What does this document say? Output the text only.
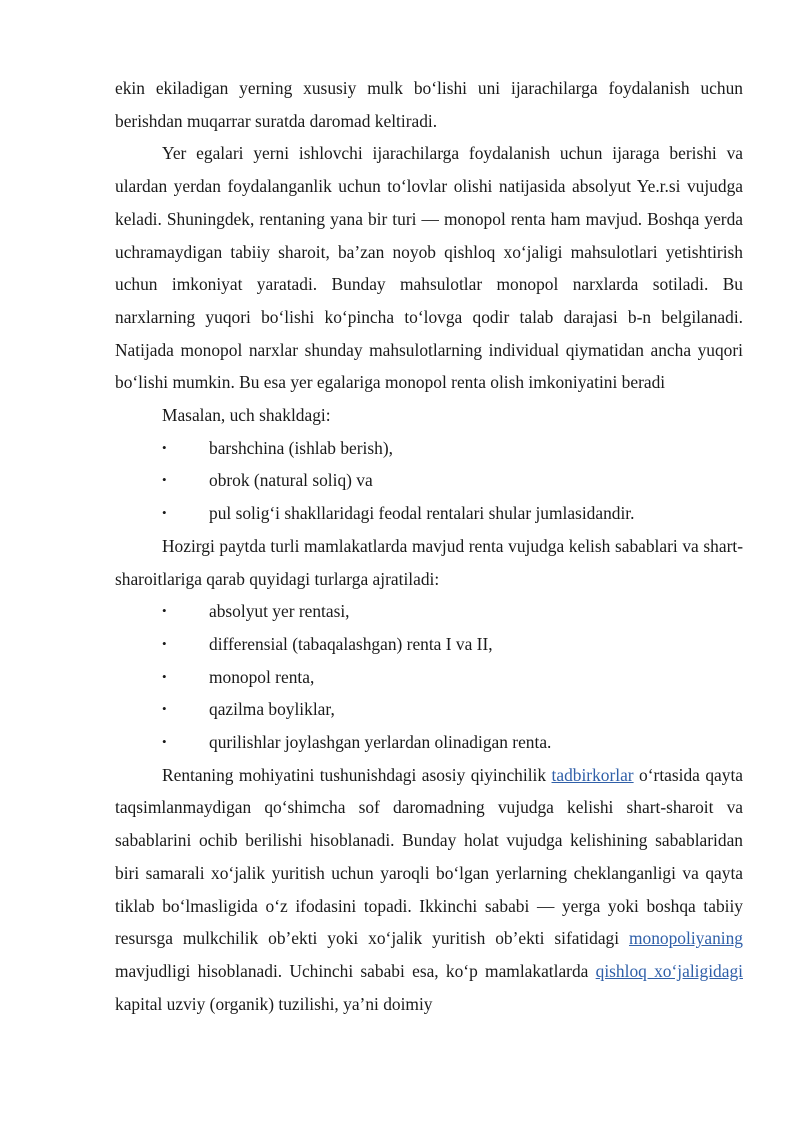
ekin ekiladigan yerning xususiy mulk bo‘lishi uni ijarachilarga foydalanish uchun berishdan muqarrar suratda daromad keltiradi.

Yer egalari yerni ishlovchi ijarachilarga foydalanish uchun ijaraga berishi va ulardan yerdan foydalanganlik uchun to‘lovlar olishi natijasida absolyut Ye.r.si vujudga keladi. Shuningdek, rentaning yana bir turi — monopol renta ham mavjud. Boshqa yerda uchramaydigan tabiiy sharoit, ba’zan noyob qishloq xo‘jaligi mahsulotlari yetishtirish uchun imkoniyat yaratadi. Bunday mahsulotlar monopol narxlarda sotiladi. Bu narxlarning yuqori bo‘lishi ko‘pincha to‘lovga qodir talab darajasi b-n belgilanadi. Natijada monopol narxlar shunday mahsulotlarning individual qiymatidan ancha yuqori bo‘lishi mumkin. Bu esa yer egalariga monopol renta olish imkoniyatini beradi

Masalan, uch shakldagi:

• barshchina (ishlab berish),
• obrok (natural soliq) va
• pul solig‘i shakllaridagi feodal rentalari shular jumlasidandir.

Hozirgi paytda turli mamlakatlarda mavjud renta vujudga kelish sabablari va shart-sharoitlariga qarab quyidagi turlarga ajratiladi:

• absolyut yer rentasi,
• differensial (tabaqalashgan) renta I va II,
• monopol renta,
• qazilma boyliklar,
• qurilishlar joylashgan yerlardan olinadigan renta.

Rentaning mohiyatini tushunishdagi asosiy qiyinchilik tadbirkorlar o‘rtasida qayta taqsimlanmaydigan qo‘shimcha sof daromadning vujudga kelishi shart-sharoit va sabablarini ochib berilishi hisoblanadi. Bunday holat vujudga kelishining sabablaridan biri samarali xo‘jalik yuritish uchun yaroqli bo‘lgan yerlarning cheklanganligi va qayta tiklab bo‘lmasligida o‘z ifodasini topadi. Ikkinchi sababi — yerga yoki boshqa tabiiy resursga mulkchilik ob’ekti yoki xo‘jalik yuritish ob’ekti sifatidagi monopoliyaning mavjudligi hisoblanadi. Uchinchi sababi esa, ko‘p mamlakatlarda qishloq xo‘jaligidagi kapital uzviy (organik) tuzilishi, ya’ni doimiy
